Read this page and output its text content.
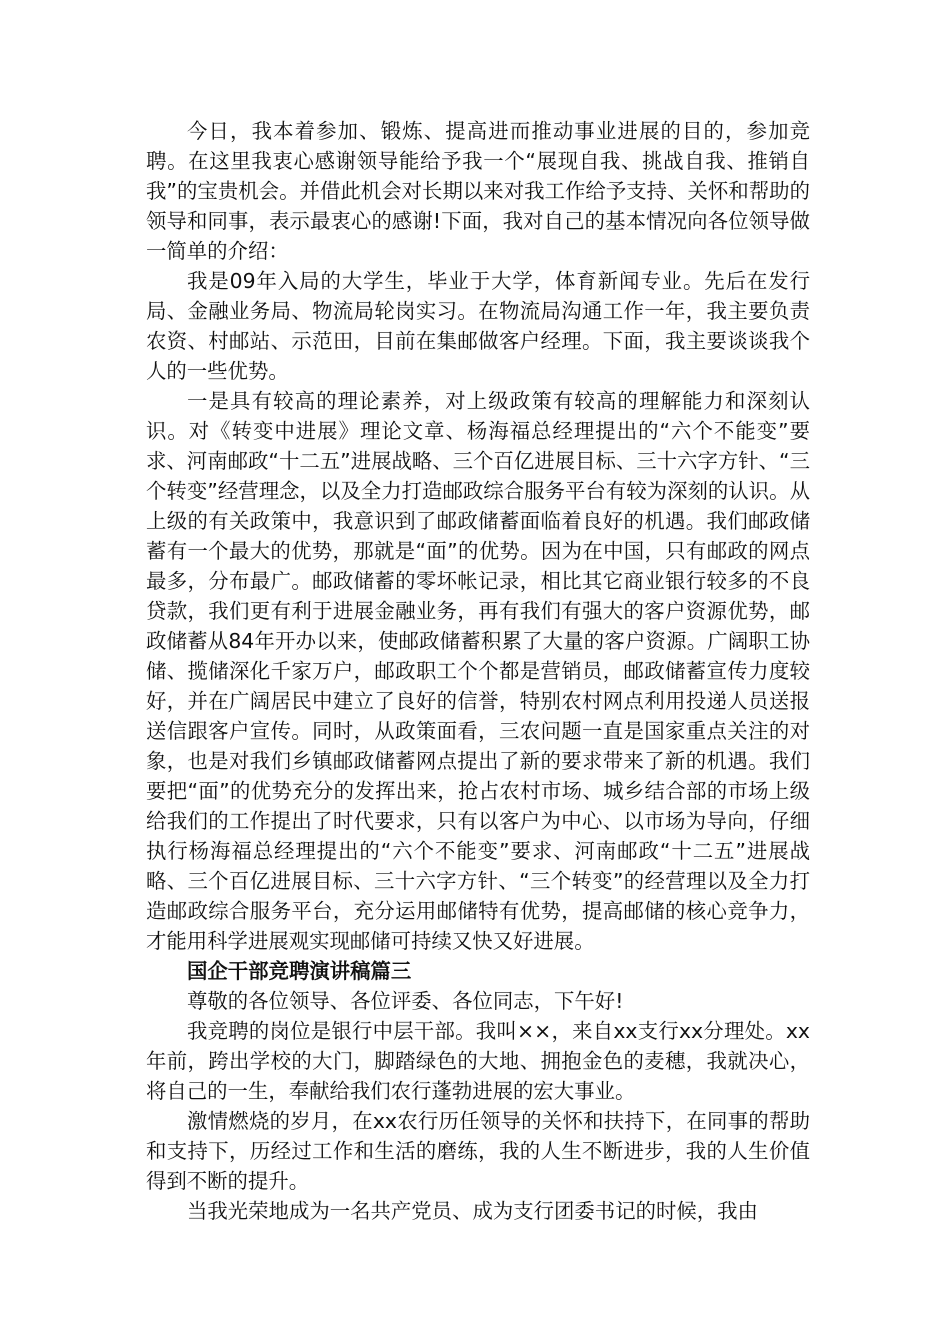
今日，我本着参加、锻炼、提高进而推动事业进展的目的，参加竞聘。在这里我衷心感谢领导能给予我一个“展现自我、挑战自我、推销自我”的宝贵机会。并借此机会对长期以来对我工作给予支持、关怀和帮助的领导和同事，表示最衷心的感谢!下面，我对自己的基本情况向各位领导做一简单的介绍：

我是09年入局的大学生，毕业于大学，体育新闻专业。先后在发行局、金融业务局、物流局轮岗实习。在物流局沟通工作一年，我主要负责农资、村邮站、示范田，目前在集邮做客户经理。下面，我主要谈谈我个人的一些优势。

一是具有较高的理论素养，对上级政策有较高的理解能力和深刻认识。对《转变中进展》理论文章、杨海福总经理提出的“六个不能变”要求、河南邮政“十二五”进展战略、三个百亿进展目标、三十六字方针、“三个转变”经营理念，以及全力打造邮政综合服务平台有较为深刻的认识。从上级的有关政策中，我意识到了邮政储蓄面临着良好的机遇。我们邮政储蓄有一个最大的优势，那就是“面”的优势。因为在中国，只有邮政的网点最多，分布最广。邮政储蓄的零坏帐记录，相比其它商业银行较多的不良贷款，我们更有利于进展金融业务，再有我们有强大的客户资源优势，邮政储蓄从84年开办以来，使邮政储蓄积累了大量的客户资源。广阔职工协储、揽储深化千家万户，邮政职工个个都是营销员，邮政储蓄宣传力度较好，并在广阔居民中建立了良好的信誉，特别农村网点利用投递人员送报送信跟客户宣传。同时，从政策面看，三农问题一直是国家重点关注的对象，也是对我们乡镇邮政储蓄网点提出了新的要求带来了新的机遇。我们要把“面”的优势充分的发挥出来，抢占农村市场、城乡结合部的市场上级给我们的工作提出了时代要求，只有以客户为中心、以市场为导向，仔细执行杨海福总经理提出的“六个不能变”要求、河南邮政“十二五”进展战略、三个百亿进展目标、三十六字方针、“三个转变”的经营理以及全力打造邮政综合服务平台，充分运用邮储特有优势，提高邮储的核心竞争力，才能用科学进展观实现邮储可持续又快又好进展。

国企干部竞聘演讲稿篇三

尊敬的各位领导、各位评委、各位同志，下午好!

我竞聘的岗位是银行中层干部。我叫××，来自xx支行xx分理处。xx年前，跨出学校的大门，脚踏绿色的大地、拥抱金色的麦穗，我就决心，将自己的一生，奉献给我们农行蓬勃进展的宏大事业。

激情燃烧的岁月，在xx农行历任领导的关怀和扶持下，在同事的帮助和支持下，历经过工作和生活的磨练，我的人生不断进步，我的人生价值得到不断的提升。

当我光荣地成为一名共产党员、成为支行团委书记的时候，我由
